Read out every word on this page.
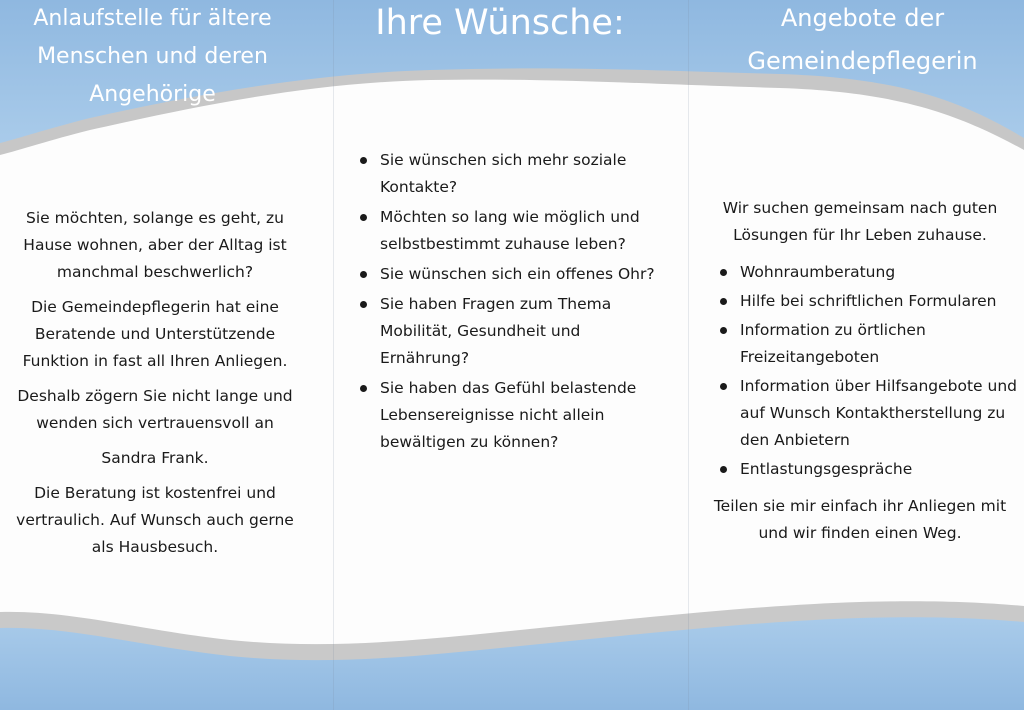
Anlaufstelle für ältere Menschen und deren Angehörige

Sie möchten, solange es geht, zu Hause wohnen, aber der Alltag ist manchmal beschwerlich?

Die Gemeindepflegerin hat eine Beratende und Unterstützende Funktion in fast all Ihren Anliegen.

Deshalb zögern Sie nicht lange und wenden sich vertrauensvoll an

Sandra Frank.

Die Beratung ist kostenfrei und vertraulich. Auf Wunsch auch gerne als Hausbesuch.

Ihre Wünsche:
Sie wünschen sich mehr soziale Kontakte?
Möchten so lang wie möglich und selbstbestimmt zuhause leben?
Sie wünschen sich ein offenes Ohr?
Sie haben Fragen zum Thema Mobilität, Gesundheit und Ernährung?
Sie haben das Gefühl belastende Lebensereignisse nicht allein bewältigen zu können?
Angebote der Gemeindepflegerin

Wir suchen gemeinsam nach guten Lösungen für Ihr Leben zuhause.

Wohnraumberatung
Hilfe bei schriftlichen Formularen
Information zu örtlichen Freizeitangeboten
Information über Hilfsangebote und auf Wunsch Kontaktherstellung zu den Anbietern
Entlastungsgespräche

Teilen sie mir einfach ihr Anliegen mit und wir finden einen Weg.
